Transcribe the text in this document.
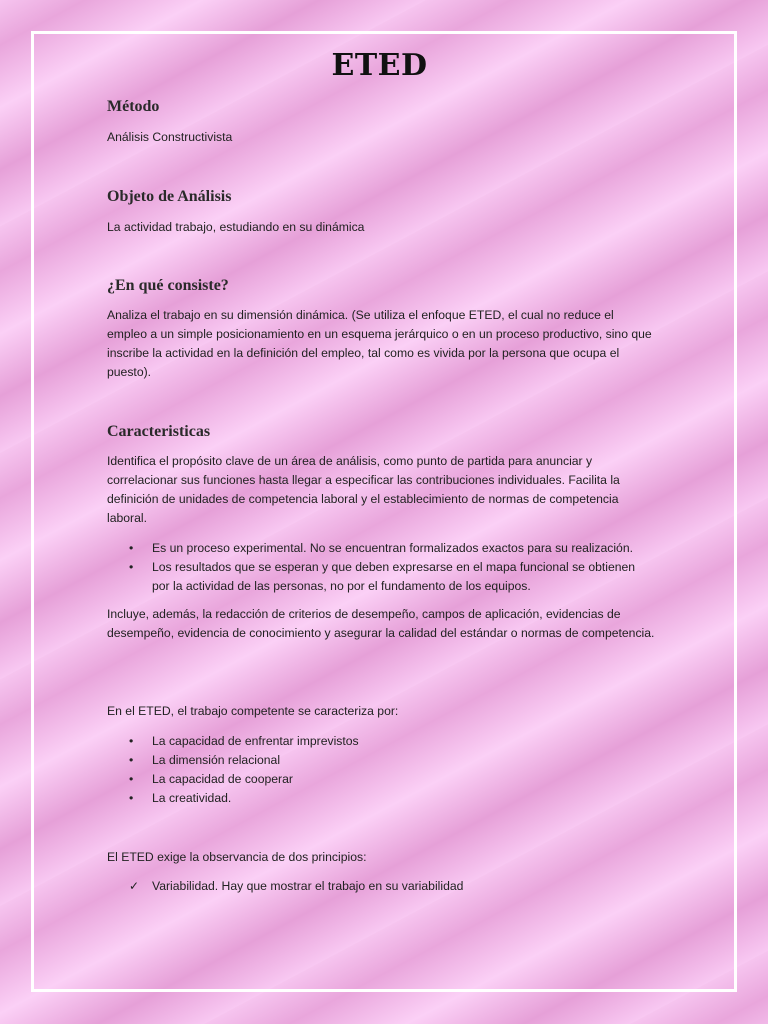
ETED
Método

Análisis Constructivista

Objeto de Análisis

La actividad trabajo, estudiando en su dinámica

¿En qué consiste?

Analiza el trabajo en su dimensión dinámica. (Se utiliza el enfoque ETED, el cual no reduce el empleo a un simple posicionamiento en un esquema jerárquico o en un proceso productivo, sino que inscribe la actividad en la definición del empleo, tal como es vivida por la persona que ocupa el puesto).

Caracteristicas

Identifica el propósito clave de un área de análisis, como punto de partida para anunciar y correlacionar sus funciones hasta llegar a especificar las contribuciones individuales. Facilita la definición de unidades de competencia laboral y el establecimiento de normas de competencia laboral.

• Es un proceso experimental. No se encuentran formalizados exactos para su realización.
• Los resultados que se esperan y que deben expresarse en el mapa funcional se obtienen por la actividad de las personas, no por el fundamento de los equipos.

Incluye, además, la redacción de criterios de desempeño, campos de aplicación, evidencias de desempeño, evidencia de conocimiento y asegurar la calidad del estándar o normas de competencia.

En el ETED, el trabajo competente se caracteriza por:

• La capacidad de enfrentar imprevistos
• La dimensión relacional
• La capacidad de cooperar
• La creatividad.

El ETED exige la observancia de dos principios:

✓ Variabilidad. Hay que mostrar el trabajo en su variabilidad
